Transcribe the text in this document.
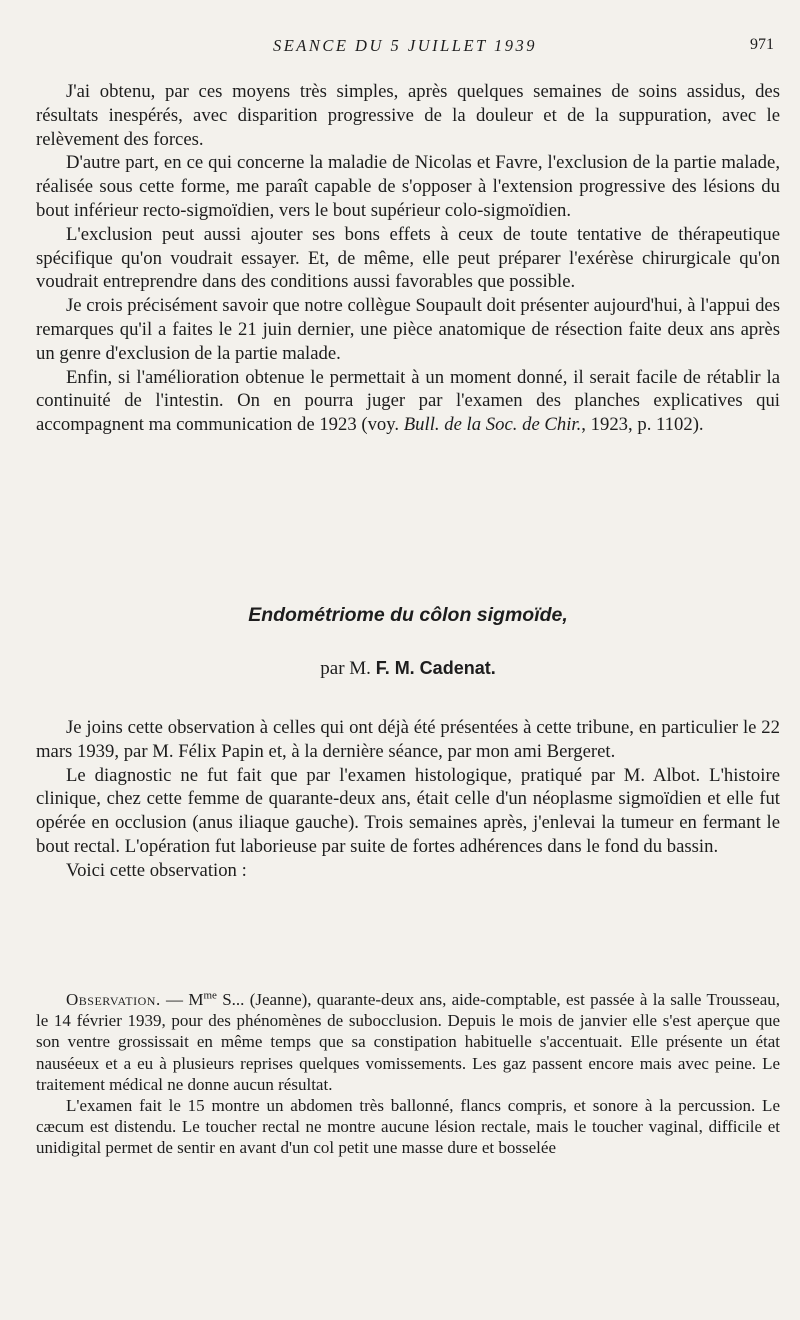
SEANCE DU 5 JUILLET 1939	971

J'ai obtenu, par ces moyens très simples, après quelques semaines de soins assidus, des résultats inespérés, avec disparition progressive de la douleur et de la suppuration, avec le relèvement des forces.

D'autre part, en ce qui concerne la maladie de Nicolas et Favre, l'exclusion de la partie malade, réalisée sous cette forme, me paraît capable de s'opposer à l'extension progressive des lésions du bout inférieur recto-sigmoïdien, vers le bout supérieur colo-sigmoïdien.

L'exclusion peut aussi ajouter ses bons effets à ceux de toute tentative de thérapeutique spécifique qu'on voudrait essayer. Et, de même, elle peut préparer l'exérèse chirurgicale qu'on voudrait entreprendre dans des conditions aussi favorables que possible.

Je crois précisément savoir que notre collègue Soupault doit présenter aujourd'hui, à l'appui des remarques qu'il a faites le 21 juin dernier, une pièce anatomique de résection faite deux ans après un genre d'exclusion de la partie malade.

Enfin, si l'amélioration obtenue le permettait à un moment donné, il serait facile de rétablir la continuité de l'intestin. On en pourra juger par l'examen des planches explicatives qui accompagnent ma communication de 1923 (voy. Bull. de la Soc. de Chir., 1923, p. 1102).

Endométriome du côlon sigmoïde,
par M. F. M. Cadenat.

Je joins cette observation à celles qui ont déjà été présentées à cette tribune, en particulier le 22 mars 1939, par M. Félix Papin et, à la dernière séance, par mon ami Bergeret.

Le diagnostic ne fut fait que par l'examen histologique, pratiqué par M. Albot. L'histoire clinique, chez cette femme de quarante-deux ans, était celle d'un néoplasme sigmoïdien et elle fut opérée en occlusion (anus iliaque gauche). Trois semaines après, j'enlevai la tumeur en fermant le bout rectal. L'opération fut laborieuse par suite de fortes adhérences dans le fond du bassin.

Voici cette observation :

Observation. — $M^{me}$ S... (Jeanne), quarante-deux ans, aide-comptable, est passée à la salle Trousseau, le 14 février 1939, pour des phénomènes de subocclusion. Depuis le mois de janvier elle s'est aperçue que son ventre grossissait en même temps que sa constipation habituelle s'accentuait. Elle présente un état nauséeux et a eu à plusieurs reprises quelques vomissements. Les gaz passent encore mais avec peine. Le traitement médical ne donne aucun résultat.

L'examen fait le 15 montre un abdomen très ballonné, flancs compris, et sonore à la percussion. Le cæcum est distendu. Le toucher rectal ne montre aucune lésion rectale, mais le toucher vaginal, difficile et unidigital permet de sentir en avant d'un col petit une masse dure et bosselée
